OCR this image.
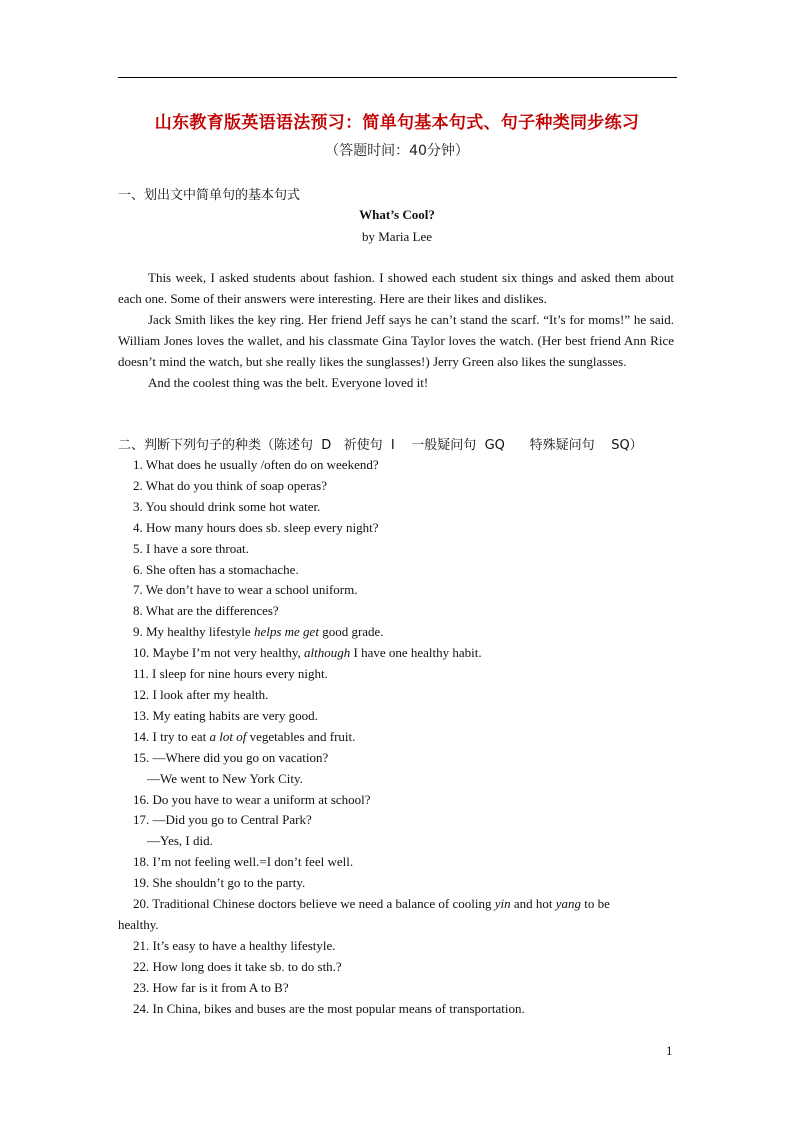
山东教育版英语语法预习：简单句基本句式、句子种类同步练习
（答题时间：40分钟）
一、划出文中简单句的基本句式
What’s Cool?
by Maria Lee

This week, I asked students about fashion. I showed each student six things and asked them about each one. Some of their answers were interesting. Here are their likes and dislikes.

Jack Smith likes the key ring. Her friend Jeff says he can’t stand the scarf. “It’s for moms!” he said. William Jones loves the wallet, and his classmate Gina Taylor loves the watch. (Her best friend Ann Rice doesn’t mind the watch, but she really likes the sunglasses!) Jerry Green also likes the sunglasses.

And the coolest thing was the belt. Everyone loved it!

二、判断下列句子的种类（陈述句  D   祈使句  I    一般疑问句  GQ      特殊疑问句    SQ）
1. What does he usually /often do on weekend?
2. What do you think of soap operas?
3. You should drink some hot water.
4. How many hours does sb. sleep every night?
5. I have a sore throat.
6. She often has a stomachache.
7. We don’t have to wear a school uniform.
8. What are the differences?
9. My healthy lifestyle helps me get good grade.
10. Maybe I’m not very healthy, although I have one healthy habit.
11. I sleep for nine hours every night.
12. I look after my health.
13. My eating habits are very good.
14. I try to eat a lot of vegetables and fruit.
15. —Where did you go on vacation?
—We went to New York City.
16. Do you have to wear a uniform at school?
17. —Did you go to Central Park?
—Yes, I did.
18. I’m not feeling well.=I don’t feel well.
19. She shouldn’t go to the party.
20. Traditional Chinese doctors believe we need a balance of cooling yin and hot yang to be
healthy.
21. It’s easy to have a healthy lifestyle.
22. How long does it take sb. to do sth.?
23. How far is it from A to B?
24. In China, bikes and buses are the most popular means of transportation.
1
